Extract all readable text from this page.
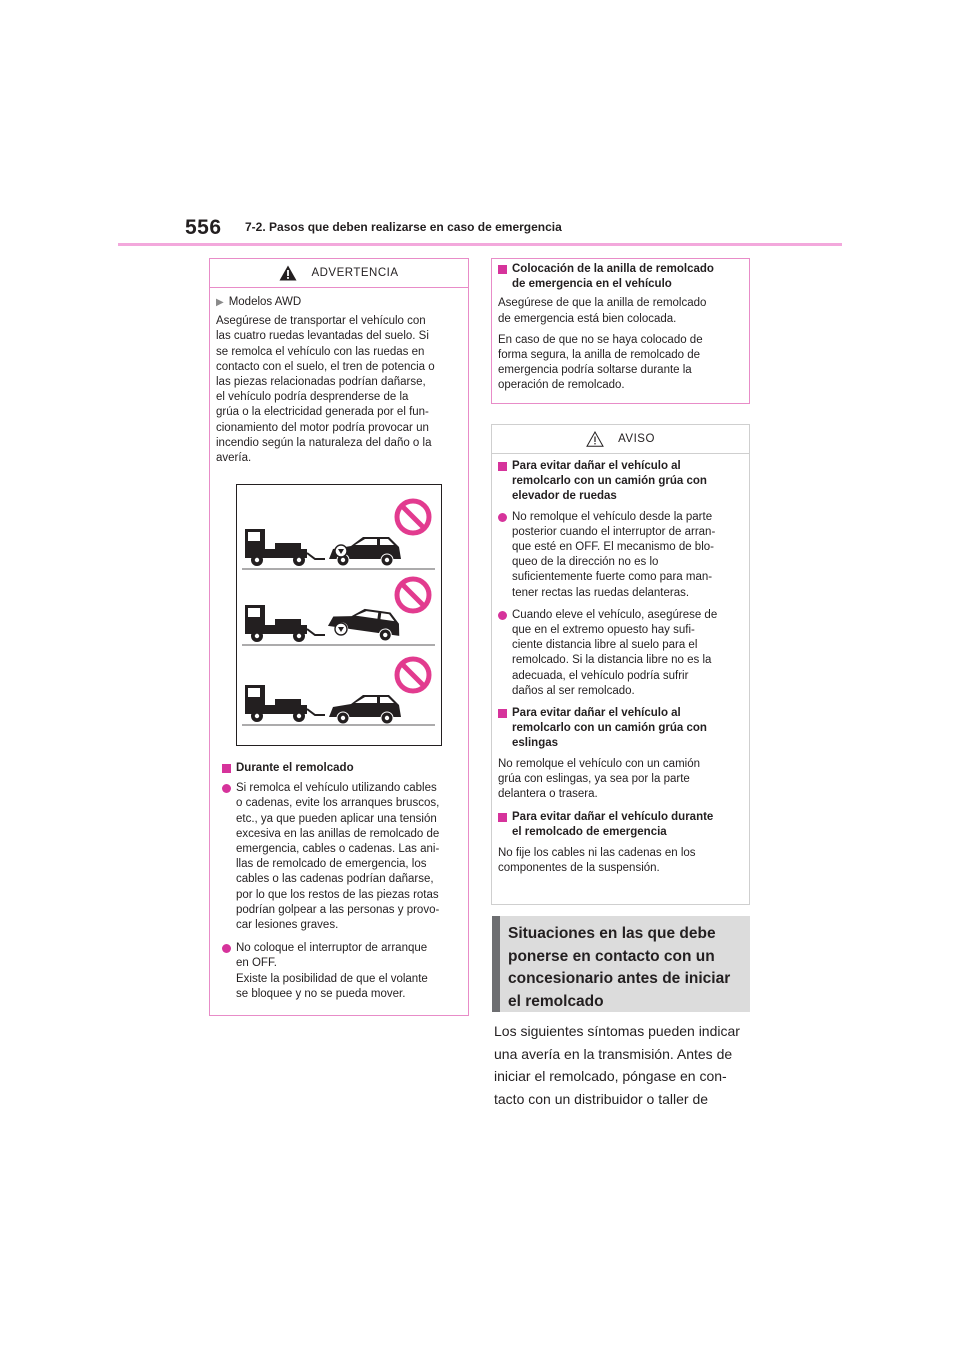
556 7-2. Pasos que deben realizarse en caso de emergencia
ADVERTENCIA
▶ Modelos AWD

Asegúrese de transportar el vehículo con
las cuatro ruedas levantadas del suelo. Si
se remolca el vehículo con las ruedas en
contacto con el suelo, el tren de potencia o
las piezas relacionadas podrían dañarse,
el vehículo podría desprenderse de la
grúa o la electricidad generada por el fun-
cionamiento del motor podría provocar un
incendio según la naturaleza del daño o la
avería.

Durante el remolcado
Si remolca el vehículo utilizando cables
o cadenas, evite los arranques bruscos,
etc., ya que pueden aplicar una tensión
excesiva en las anillas de remolcado de
emergencia, cables o cadenas. Las ani-
llas de remolcado de emergencia, los
cables o las cadenas podrían dañarse,
por lo que los restos de las piezas rotas
podrían golpear a las personas y provo-
car lesiones graves.
No coloque el interruptor de arranque
en OFF.
Existe la posibilidad de que el volante
se bloquee y no se pueda mover.
Colocación de la anilla de remolcado
de emergencia en el vehículo

Asegúrese de que la anilla de remolcado
de emergencia está bien colocada.

En caso de que no se haya colocado de
forma segura, la anilla de remolcado de
emergencia podría soltarse durante la
operación de remolcado.

AVISO
Para evitar dañar el vehículo al
remolcarlo con un camión grúa con
elevador de ruedas
No remolque el vehículo desde la parte
posterior cuando el interruptor de arran-
que esté en OFF. El mecanismo de blo-
queo de la dirección no es lo
suficientemente fuerte como para man-
tener rectas las ruedas delanteras.
Cuando eleve el vehículo, asegúrese de
que en el extremo opuesto hay sufi-
ciente distancia libre al suelo para el
remolcado. Si la distancia libre no es la
adecuada, el vehículo podría sufrir
daños al ser remolcado.
Para evitar dañar el vehículo al
remolcarlo con un camión grúa con
eslingas

No remolque el vehículo con un camión
grúa con eslingas, ya sea por la parte
delantera o trasera.

Para evitar dañar el vehículo durante
el remolcado de emergencia

No fije los cables ni las cadenas en los
componentes de la suspensión.

Situaciones en las que debe
ponerse en contacto con un
concesionario antes de iniciar
el remolcado
Los siguientes síntomas pueden indicar
una avería en la transmisión. Antes de
iniciar el remolcado, póngase en con-
tacto con un distribuidor o taller de
